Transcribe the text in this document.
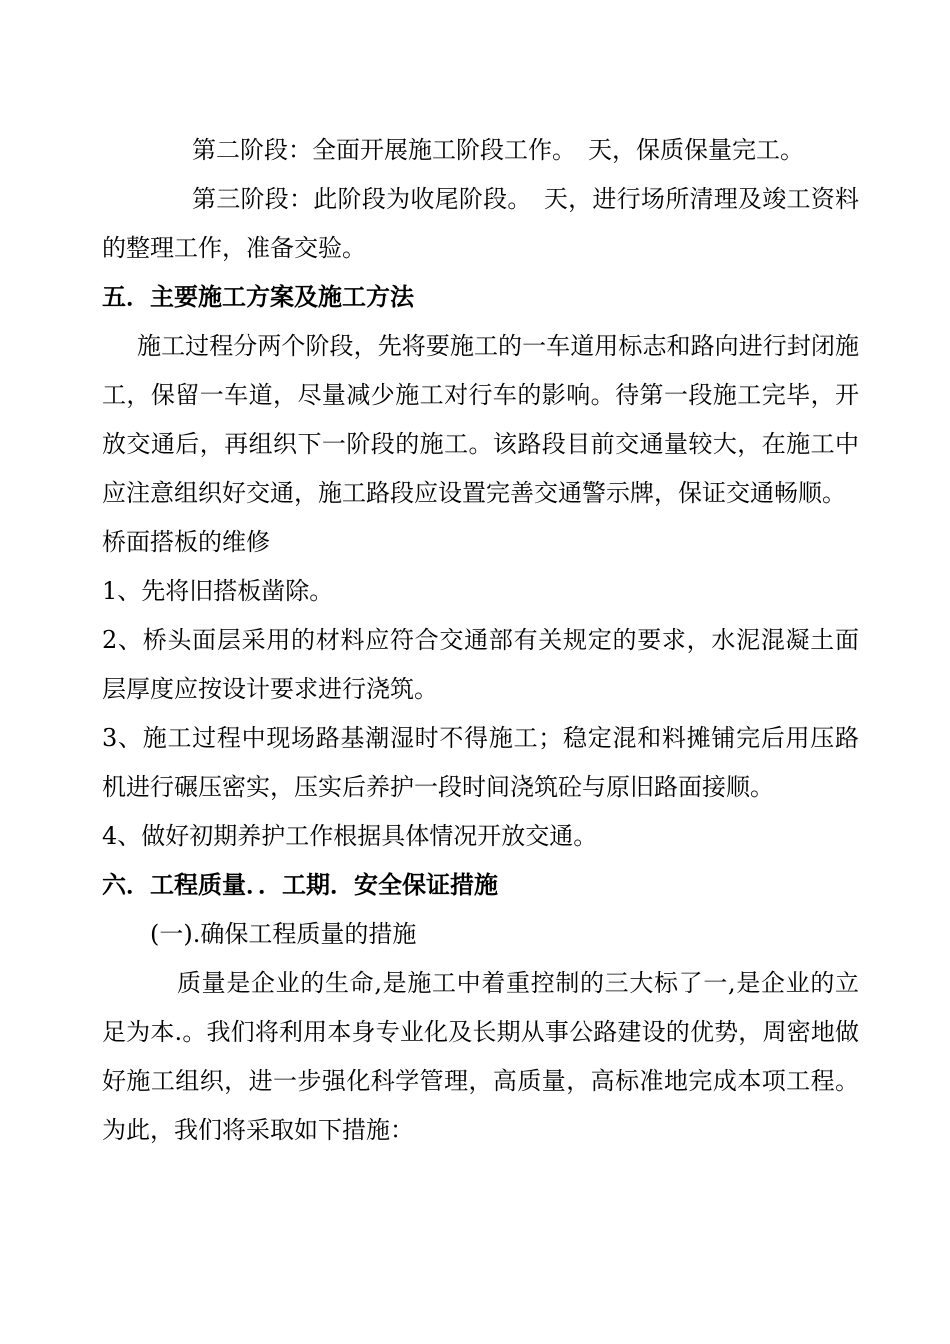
第二阶段：全面开展施工阶段工作。 天，保质保量完工。

第三阶段：此阶段为收尾阶段。 天，进行场所清理及竣工资料的整理工作，准备交验。

五．主要施工方案及施工方法

施工过程分两个阶段，先将要施工的一车道用标志和路向进行封闭施工，保留一车道，尽量减少施工对行车的影响。待第一段施工完毕，开放交通后，再组织下一阶段的施工。该路段目前交通量较大，在施工中应注意组织好交通，施工路段应设置完善交通警示牌，保证交通畅顺。

桥面搭板的维修

1、先将旧搭板凿除。

2、桥头面层采用的材料应符合交通部有关规定的要求，水泥混凝土面层厚度应按设计要求进行浇筑。

3、施工过程中现场路基潮湿时不得施工；稳定混和料摊铺完后用压路机进行碾压密实，压实后养护一段时间浇筑砼与原旧路面接顺。

4、做好初期养护工作根据具体情况开放交通。

六．工程质量．．工期．安全保证措施

(一).确保工程质量的措施

质量是企业的生命,是施工中着重控制的三大标了一,是企业的立足为本.。我们将利用本身专业化及长期从事公路建设的优势，周密地做好施工组织，进一步强化科学管理，高质量，高标准地完成本项工程。为此，我们将采取如下措施：
